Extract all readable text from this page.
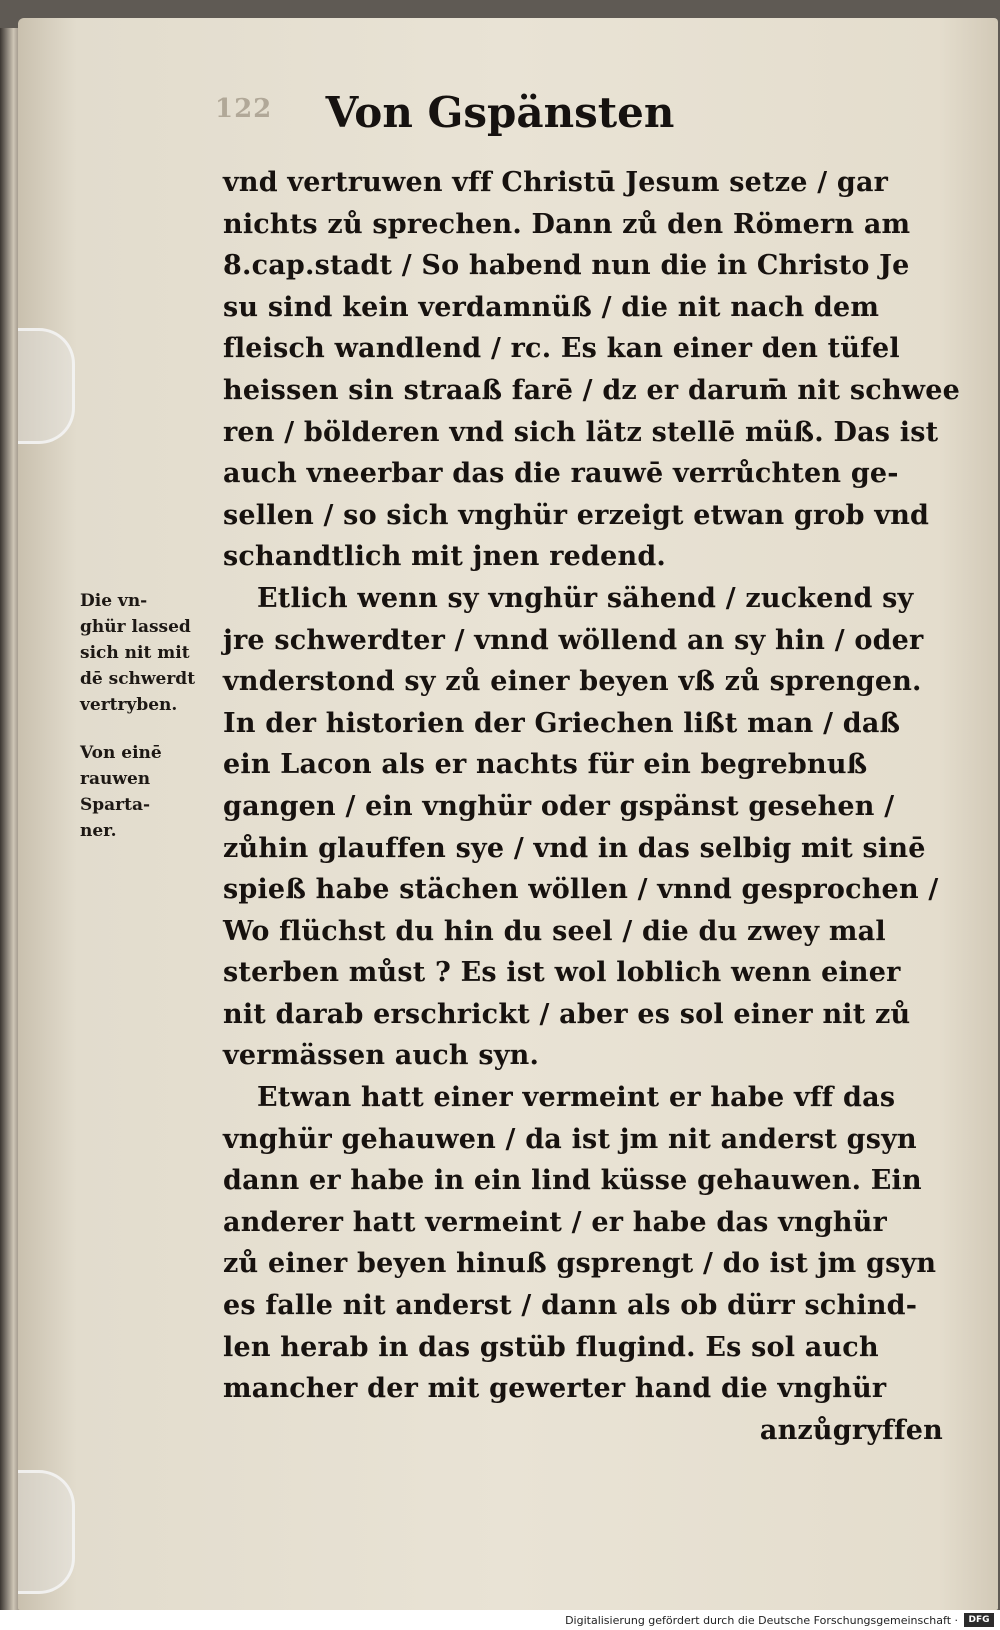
122	Von Gspänsten
vnd vertruwen vff Christū Jesum setze / gar
nichts zů sprechen. Dann zů den Römern am
8.cap.stadt / So habend nun die in Christo Je
su sind kein verdamnüß / die nit nach dem
fleisch wandlend / rc. Es kan einer den tüfel
heissen sin straaß farē / dz er darum̄ nit schwee
ren / bölderen vnd sich lätz stellē müß. Das ist
auch vneerbar das die rauwē verrůchten ge-
sellen / so sich vnghür erzeigt etwan grob vnd
schandtlich mit jnen redend.
Etlich wenn sy vnghür sähend / zuckend sy
jre schwerdter / vnnd wöllend an sy hin / oder
vnderstond sy zů einer beyen vß zů sprengen.
In der historien der Griechen lißt man / daß
ein Lacon als er nachts für ein begrebnuß
gangen / ein vnghür oder gspänst gesehen /
zůhin glauffen sye / vnd in das selbig mit sinē
spieß habe stächen wöllen / vnnd gesprochen /
Wo flüchst du hin du seel / die du zwey mal
sterben můst ? Es ist wol loblich wenn einer
nit darab erschrickt / aber es sol einer nit zů
vermässen auch syn.
Etwan hatt einer vermeint er habe vff das
vnghür gehauwen / da ist jm nit anderst gsyn
dann er habe in ein lind küsse gehauwen. Ein
anderer hatt vermeint / er habe das vnghür
zů einer beyen hinuß gsprengt / do ist jm gsyn
es falle nit anderst / dann als ob dürr schind-
len herab in das gstüb flugind. Es sol auch
mancher der mit gewerter hand die vnghür
anzůgryffen
Die vn-
ghür lassed
sich nit mit
dē schwerdt
vertryben.
Von einē
rauwen
Sparta-
ner.
Digitalisierung gefördert durch die Deutsche Forschungsgemeinschaft ·	DFG
